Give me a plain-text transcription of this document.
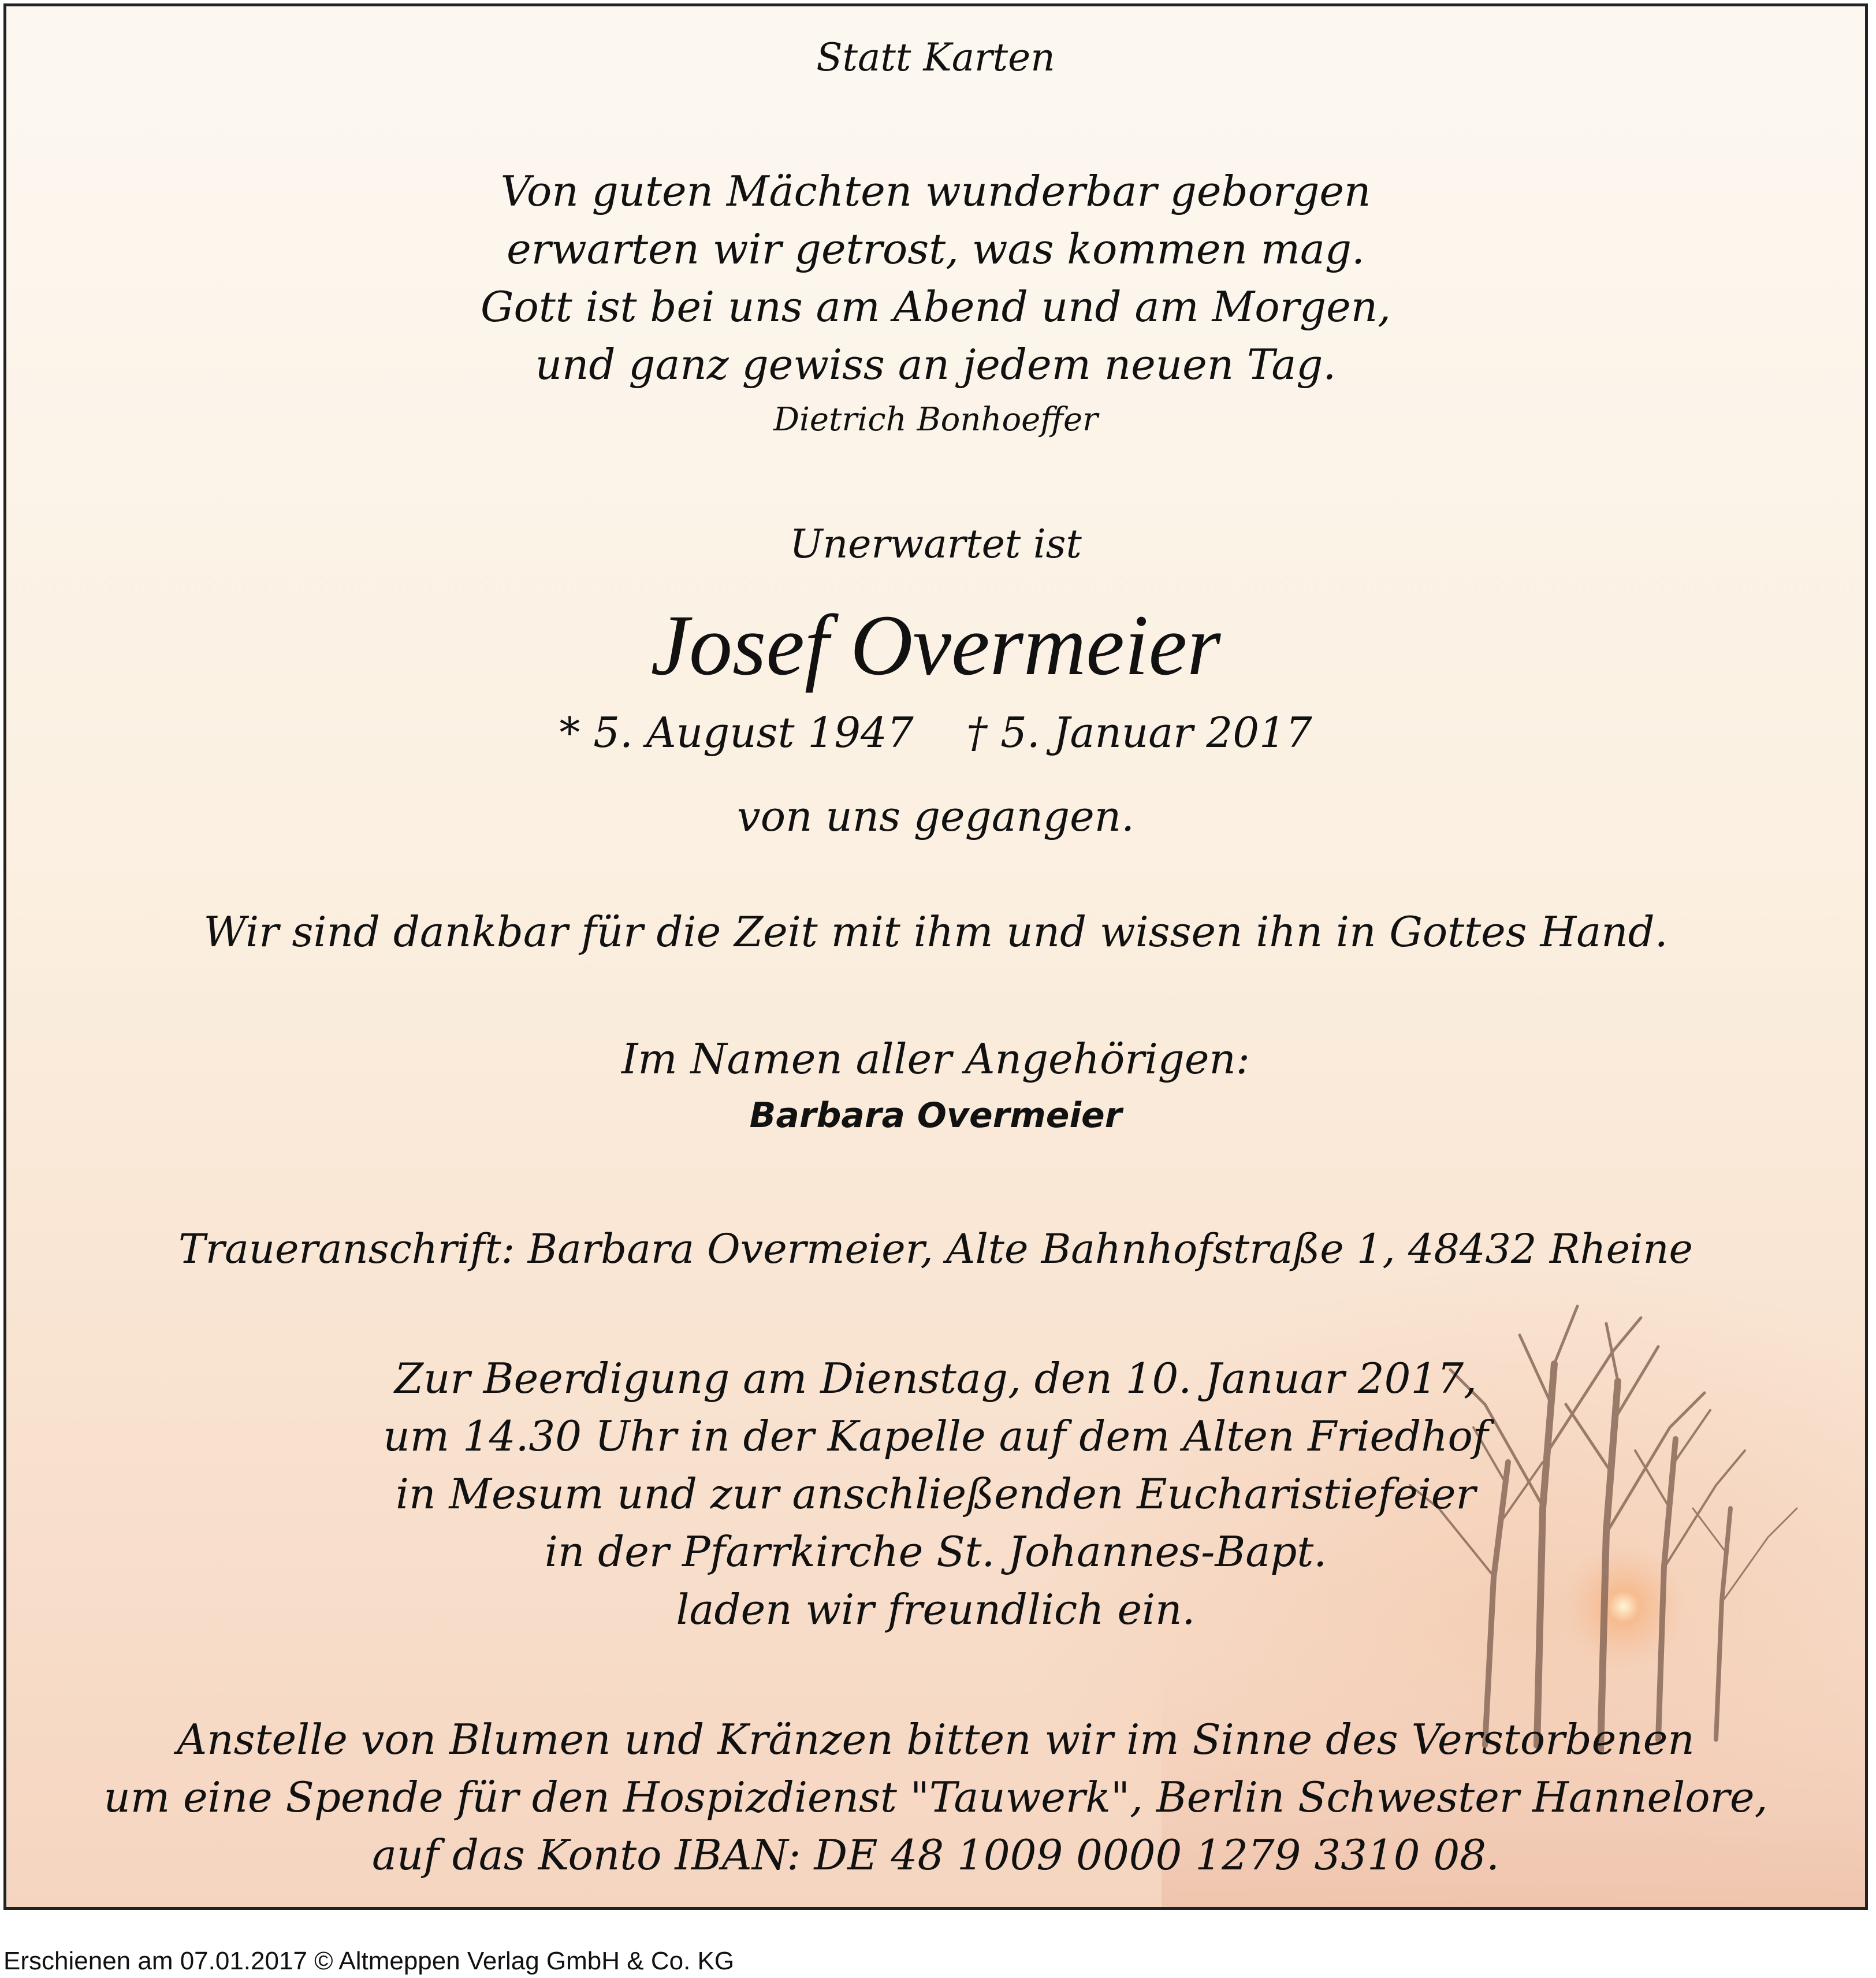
Statt Karten

Von guten Mächten wunderbar geborgen
erwarten wir getrost, was kommen mag.
Gott ist bei uns am Abend und am Morgen,
und ganz gewiss an jedem neuen Tag.

Dietrich Bonhoeffer

Unerwartet ist

Josef Overmeier

* 5. August 1947 † 5. Januar 2017

von uns gegangen.

Wir sind dankbar für die Zeit mit ihm und wissen ihn in Gottes Hand.

Im Namen aller Angehörigen:

Barbara Overmeier

Traueranschrift: Barbara Overmeier, Alte Bahnhofstraße 1, 48432 Rheine

Zur Beerdigung am Dienstag, den 10. Januar 2017,
um 14.30 Uhr in der Kapelle auf dem Alten Friedhof
in Mesum und zur anschließenden Eucharistiefeier
in der Pfarrkirche St. Johannes-Bapt.
laden wir freundlich ein.
Anstelle von Blumen und Kränzen bitten wir im Sinne des Verstorbenen
um eine Spende für den Hospizdienst "Tauwerk", Berlin Schwester Hannelore,
auf das Konto IBAN: DE 48 1009 0000 1279 3310 08.
Erschienen am 07.01.2017 © Altmeppen Verlag GmbH & Co. KG
